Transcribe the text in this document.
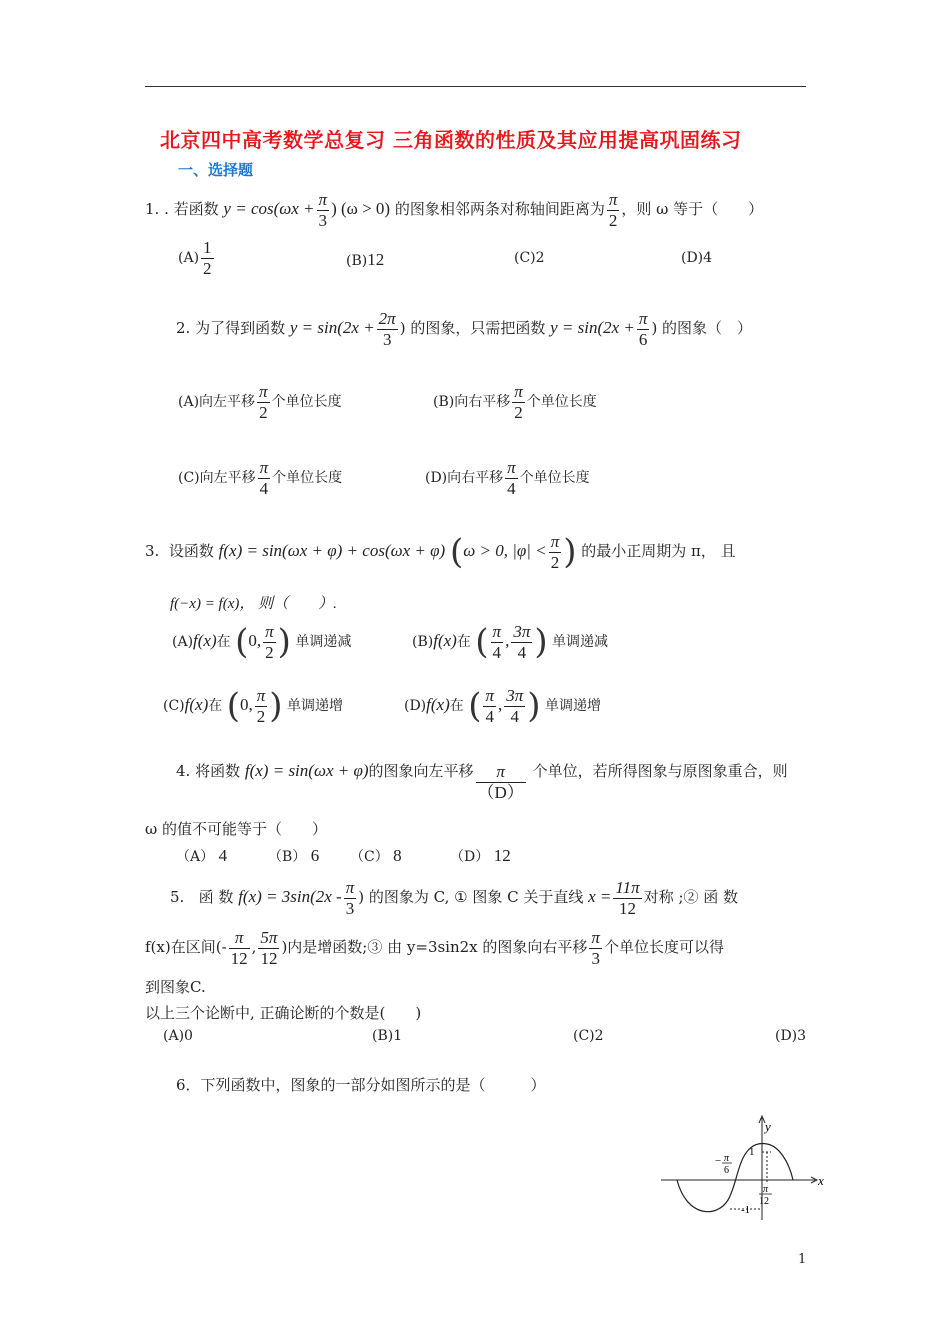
北京四中高考数学总复习 三角函数的性质及其应用提高巩固练习
一、选择题
1. . 若函数 $y = \cos(\omega x + \frac{\pi}{3}$ ) (ω > 0) 的图象相邻两条对称轴间距离为 $\frac{\pi}{2}$ ，则 ω 等于（　　）
$(A) \frac{1}{2}$	(B)12	(C)2	(D)4
2. 为了得到函数 $y = \sin(2x + \frac{2\pi}{3}$ ) 的图象，只需把函数 $y = \sin(2x + \frac{\pi}{6}$ ) 的图象（　）
(A)向左平移 $\frac{\pi}{2}$ 个单位长度	(B)向右平移 $\frac{\pi}{2}$ 个单位长度
(C)向左平移 $\frac{\pi}{4}$ 个单位长度	(D)向右平移 $\frac{\pi}{4}$ 个单位长度
3. 设函数 f(x) = sin(ωx + φ) + cos(ωx + φ) (ω > 0, $|\varphi| < \frac{\pi}{2}$ ) 的最小正周期为 π， 且
f(−x) = f(x)， 则（　　）.
(A)f(x)在 (0, $\frac{\pi}{2}$ ) 单调递减	(B)f(x)在 ( $\frac{\pi}{4}$ , $\frac{3\pi}{4}$ ) 单调递减
(C)f(x)在 (0, $\frac{\pi}{2}$ ) 单调递增	(D)f(x)在 ( $\frac{\pi}{4}$ , $\frac{3\pi}{4}$ ) 单调递增
4. 将函数 f(x) = sin(ωx + φ)的图象向左平移 $\frac{\pi}{(D)}$ 个单位，若所得图象与原图象重合，则
ω 的值不可能等于（　　）
（A） 4	（B） 6 （C） 8	（D） 12
5. 函 数 $f(x) = 3\sin(2x - \frac{\pi}{3}$ ) 的图象为 C, ① 图象 C 关于直线 $x = \frac{11\pi}{12}$ 对称 ;② 函 数
f(x)在区间(- $\frac{\pi}{12}$ , $\frac{5\pi}{12}$ )内是增函数;③ 由 y=3sin2x 的图象向右平移 $\frac{\pi}{3}$ 个单位长度可以得
到图象C.
以上三个论断中, 正确论断的个数是(　　)
(A)0	(B)1	(C)2	(D)3
6．下列函数中，图象的一部分如图所示的是（　　　）
y
x
1
-1
− π
6
π
12
1
